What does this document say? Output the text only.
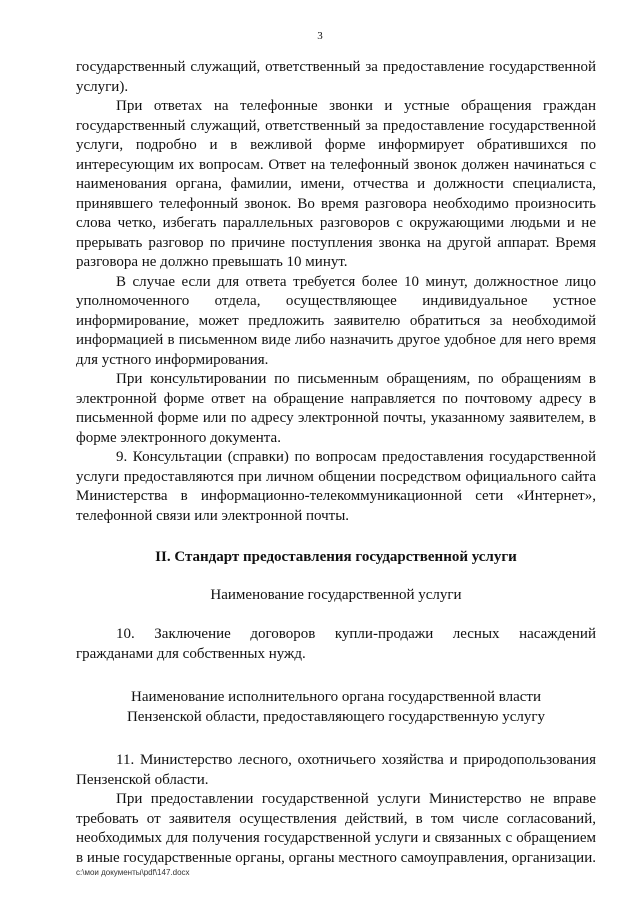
3

государственный служащий, ответственный за предоставление государственной услуги).

При ответах на телефонные звонки и устные обращения граждан государственный служащий, ответственный за предоставление государственной услуги, подробно и в вежливой форме информирует обратившихся по интересующим их вопросам. Ответ на телефонный звонок должен начинаться с наименования органа, фамилии, имени, отчества и должности специалиста, принявшего телефонный звонок. Во время разговора необходимо произносить слова четко, избегать параллельных разговоров с окружающими людьми и не прерывать разговор по причине поступления звонка на другой аппарат. Время разговора не должно превышать 10 минут.

В случае если для ответа требуется более 10 минут, должностное лицо уполномоченного отдела, осуществляющее индивидуальное устное информирование, может предложить заявителю обратиться за необходимой информацией в письменном виде либо назначить другое удобное для него время для устного информирования.

При консультировании по письменным обращениям, по обращениям в электронной форме ответ на обращение направляется по почтовому адресу в письменной форме или по адресу электронной почты, указанному заявителем, в форме электронного документа.

9. Консультации (справки) по вопросам предоставления государственной услуги предоставляются при личном общении посредством официального сайта Министерства в информационно-телекоммуникационной сети «Интернет», телефонной связи или электронной почты.

II. Стандарт предоставления государственной услуги
Наименование государственной услуги

10. Заключение договоров купли-продажи лесных насаждений гражданами для собственных нужд.

Наименование исполнительного органа государственной власти
Пензенской области, предоставляющего государственную услугу

11. Министерство лесного, охотничьего хозяйства и природопользования Пензенской области.

При предоставлении государственной услуги Министерство не вправе требовать от заявителя осуществления действий, в том числе согласований, необходимых для получения государственной услуги и связанных с обращением в иные государственные органы, органы местного самоуправления, организации.

c:\мои документы\pdf\147.docx
